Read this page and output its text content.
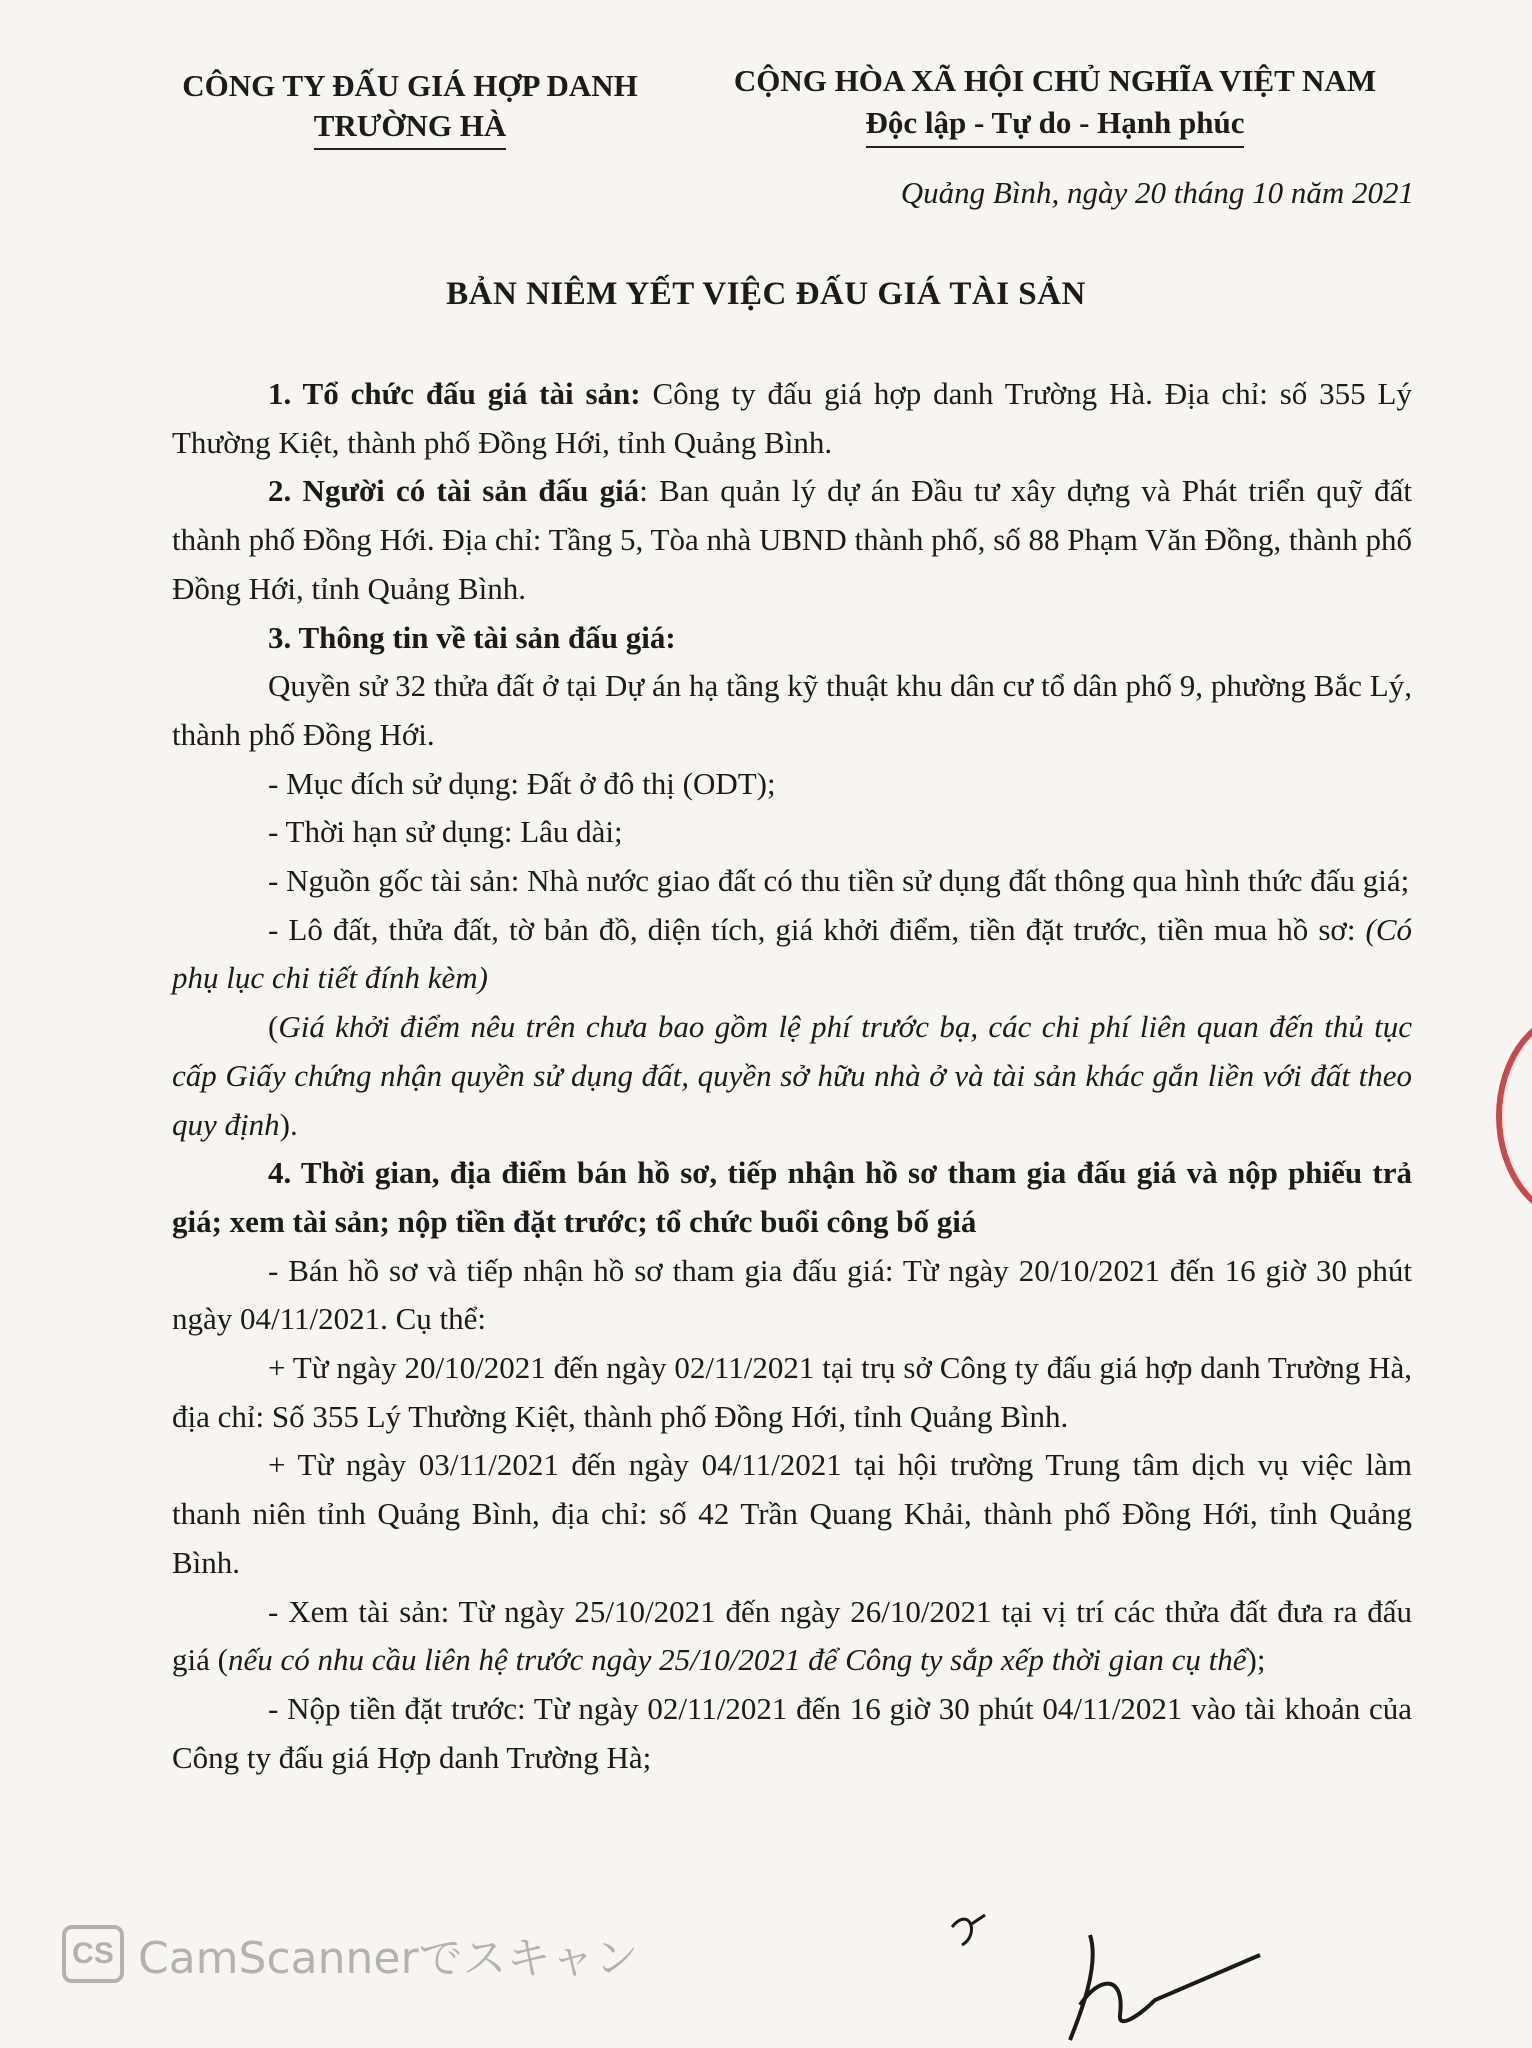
CÔNG TY ĐẤU GIÁ HỢP DANH
TRƯỜNG HÀ
CỘNG HÒA XÃ HỘI CHỦ NGHĨA VIỆT NAM
Độc lập - Tự do - Hạnh phúc
Quảng Bình, ngày 20 tháng 10 năm 2021
BẢN NIÊM YẾT VIỆC ĐẤU GIÁ TÀI SẢN

1. Tổ chức đấu giá tài sản: Công ty đấu giá hợp danh Trường Hà. Địa chỉ: số 355 Lý Thường Kiệt, thành phố Đồng Hới, tỉnh Quảng Bình.

2. Người có tài sản đấu giá: Ban quản lý dự án Đầu tư xây dựng và Phát triển quỹ đất thành phố Đồng Hới. Địa chỉ: Tầng 5, Tòa nhà UBND thành phố, số 88 Phạm Văn Đồng, thành phố Đồng Hới, tỉnh Quảng Bình.

3. Thông tin về tài sản đấu giá:

Quyền sử 32 thửa đất ở tại Dự án hạ tầng kỹ thuật khu dân cư tổ dân phố 9, phường Bắc Lý, thành phố Đồng Hới.

- Mục đích sử dụng: Đất ở đô thị (ODT);

- Thời hạn sử dụng: Lâu dài;

- Nguồn gốc tài sản: Nhà nước giao đất có thu tiền sử dụng đất thông qua hình thức đấu giá;

- Lô đất, thửa đất, tờ bản đồ, diện tích, giá khởi điểm, tiền đặt trước, tiền mua hồ sơ: (Có phụ lục chi tiết đính kèm)

(Giá khởi điểm nêu trên chưa bao gồm lệ phí trước bạ, các chi phí liên quan đến thủ tục cấp Giấy chứng nhận quyền sử dụng đất, quyền sở hữu nhà ở và tài sản khác gắn liền với đất theo quy định).

4. Thời gian, địa điểm bán hồ sơ, tiếp nhận hồ sơ tham gia đấu giá và nộp phiếu trả giá; xem tài sản; nộp tiền đặt trước; tổ chức buổi công bố giá

- Bán hồ sơ và tiếp nhận hồ sơ tham gia đấu giá: Từ ngày 20/10/2021 đến 16 giờ 30 phút ngày 04/11/2021. Cụ thể:

+ Từ ngày 20/10/2021 đến ngày 02/11/2021 tại trụ sở Công ty đấu giá hợp danh Trường Hà, địa chỉ: Số 355 Lý Thường Kiệt, thành phố Đồng Hới, tỉnh Quảng Bình.

+ Từ ngày 03/11/2021 đến ngày 04/11/2021 tại hội trường Trung tâm dịch vụ việc làm thanh niên tỉnh Quảng Bình, địa chỉ: số 42 Trần Quang Khải, thành phố Đồng Hới, tỉnh Quảng Bình.

- Xem tài sản: Từ ngày 25/10/2021 đến ngày 26/10/2021 tại vị trí các thửa đất đưa ra đấu giá (nếu có nhu cầu liên hệ trước ngày 25/10/2021 để Công ty sắp xếp thời gian cụ thể);

- Nộp tiền đặt trước: Từ ngày 02/11/2021 đến 16 giờ 30 phút 04/11/2021 vào tài khoản của Công ty đấu giá Hợp danh Trường Hà;

CS CamScannerでスキャン
